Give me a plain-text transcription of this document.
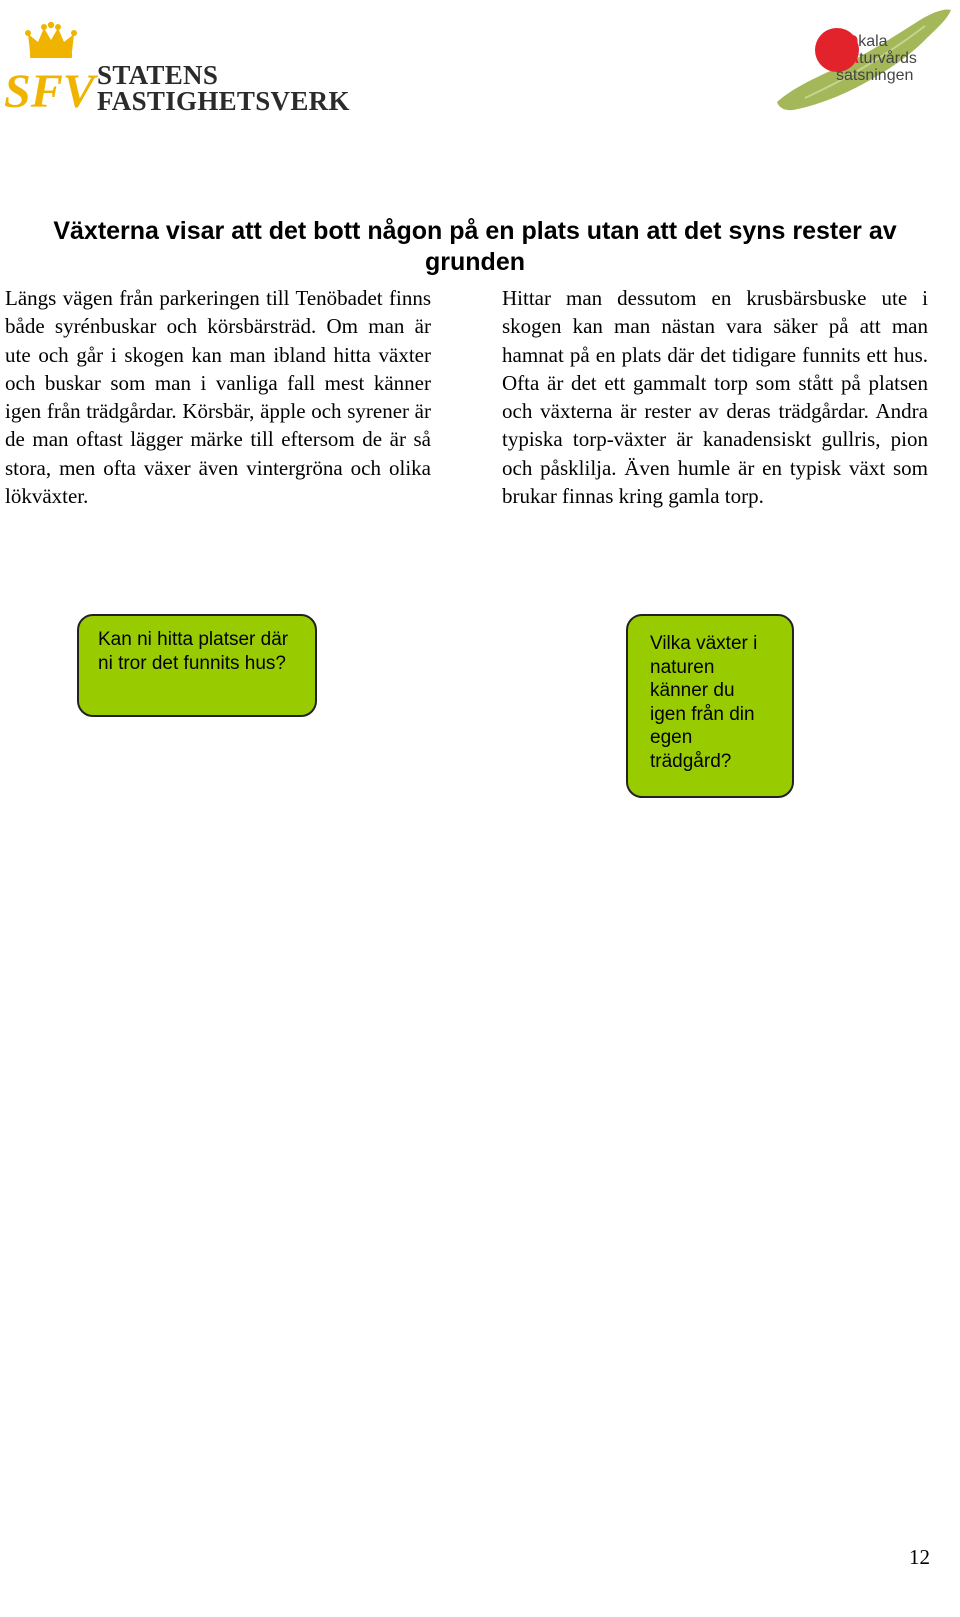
SFV STATENS
FASTIGHETSVERK
LOkala
NAturvårds
satsningen
Växterna visar att det bott någon på en plats utan att det syns rester av grunden

Längs vägen från parkeringen till Tenöbadet finns både syrénbuskar och körsbärsträd. Om man är ute och går i skogen kan man ibland hitta växter och buskar som man i vanliga fall mest känner igen från trädgårdar. Körsbär, äpple och syrener är de man oftast lägger märke till eftersom de är så stora, men ofta växer även vintergröna och olika lökväxter.

Hittar man dessutom en krusbärsbuske ute i skogen kan man nästan vara säker på att man hamnat på en plats där det tidigare funnits ett hus. Ofta är det ett gammalt torp som stått på platsen och växterna är rester av deras trädgårdar. Andra typiska torp-växter är kanadensiskt gullris, pion och påsklilja. Även humle är en typisk växt som brukar finnas kring gamla torp.

Kan ni hitta platser där ni tror det funnits hus?
Vilka växter i naturen känner du igen från din egen trädgård?
12
